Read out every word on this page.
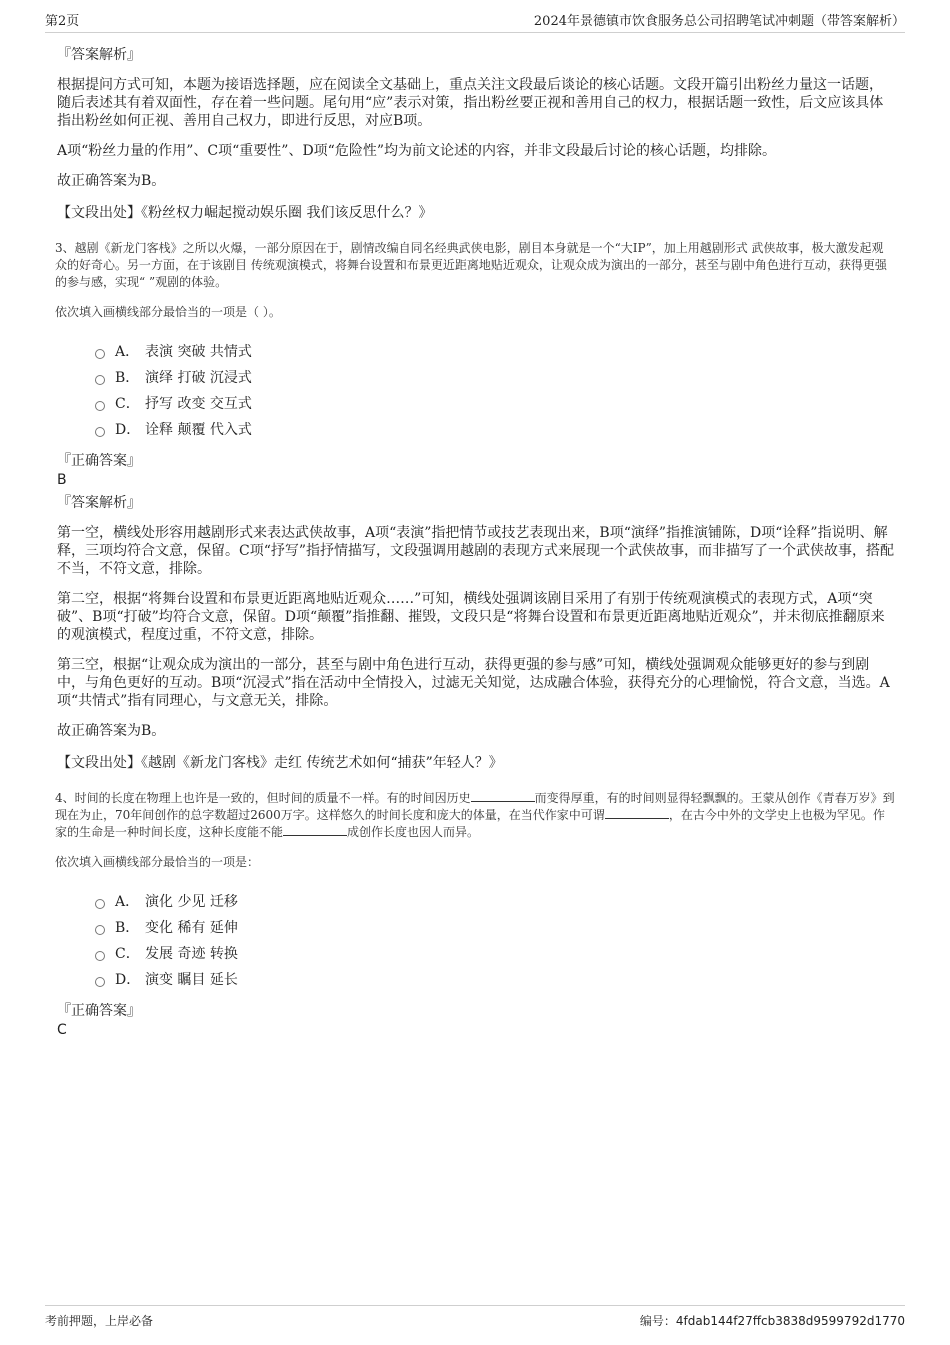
第2页	2024年景德镇市饮食服务总公司招聘笔试冲刺题（带答案解析）
『答案解析』

根据提问方式可知，本题为接语选择题，应在阅读全文基础上，重点关注文段最后谈论的核心话题。文段开篇引出粉丝力量这一话题，随后表述其有着双面性，存在着一些问题。尾句用“应”表示对策，指出粉丝要正视和善用自己的权力，根据话题一致性，后文应该具体指出粉丝如何正视、善用自己权力，即进行反思，对应B项。

A项“粉丝力量的作用”、C项“重要性”、D项“危险性”均为前文论述的内容，并非文段最后讨论的核心话题，均排除。

故正确答案为B。

【文段出处】《粉丝权力崛起搅动娱乐圈 我们该反思什么？》

3、越剧《新龙门客栈》之所以火爆，一部分原因在于，剧情改编自同名经典武侠电影，剧目本身就是一个“大IP”，加上用越剧形式 武侠故事，极大激发起观众的好奇心。另一方面，在于该剧目 传统观演模式，将舞台设置和布景更近距离地贴近观众，让观众成为演出的一部分，甚至与剧中角色进行互动，获得更强的参与感，实现“ ”观剧的体验。

依次填入画横线部分最恰当的一项是（ ）。

A． 表演 突破 共情式
B． 演绎 打破 沉浸式
C． 抒写 改变 交互式
D． 诠释 颠覆 代入式
『正确答案』
B
『答案解析』

第一空，横线处形容用越剧形式来表达武侠故事，A项“表演”指把情节或技艺表现出来，B项“演绎”指推演铺陈，D项“诠释”指说明、解释，三项均符合文意，保留。C项“抒写”指抒情描写，文段强调用越剧的表现方式来展现一个武侠故事，而非描写了一个武侠故事，搭配不当，不符文意，排除。

第二空，根据“将舞台设置和布景更近距离地贴近观众……”可知，横线处强调该剧目采用了有别于传统观演模式的表现方式，A项“突破”、B项“打破”均符合文意，保留。D项“颠覆”指推翻、摧毁，文段只是“将舞台设置和布景更近距离地贴近观众”，并未彻底推翻原来的观演模式，程度过重，不符文意，排除。

第三空，根据“让观众成为演出的一部分，甚至与剧中角色进行互动，获得更强的参与感”可知，横线处强调观众能够更好的参与到剧中，与角色更好的互动。B项“沉浸式”指在活动中全情投入，过滤无关知觉，达成融合体验，获得充分的心理愉悦，符合文意，当选。A项“共情式”指有同理心，与文意无关，排除。

故正确答案为B。

【文段出处】《越剧《新龙门客栈》走红 传统艺术如何“捕获”年轻人？》

4、时间的长度在物理上也许是一致的，但时间的质量不一样。有的时间因历史	而变得厚重，有的时间则显得轻飘飘的。王蒙从创作《青春万岁》到现在为止，70年间创作的总字数超过2600万字。这样悠久的时间长度和庞大的体量，在当代作家中可谓	，在古今中外的文学史上也极为罕见。作家的生命是一种时间长度，这种长度能不能	成创作长度也因人而异。

依次填入画横线部分最恰当的一项是：

A． 演化 少见 迁移
B． 变化 稀有 延伸
C． 发展 奇迹 转换
D． 演变 瞩目 延长
『正确答案』
C
考前押题，上岸必备	编号：4fdab144f27ffcb3838d9599792d1770
